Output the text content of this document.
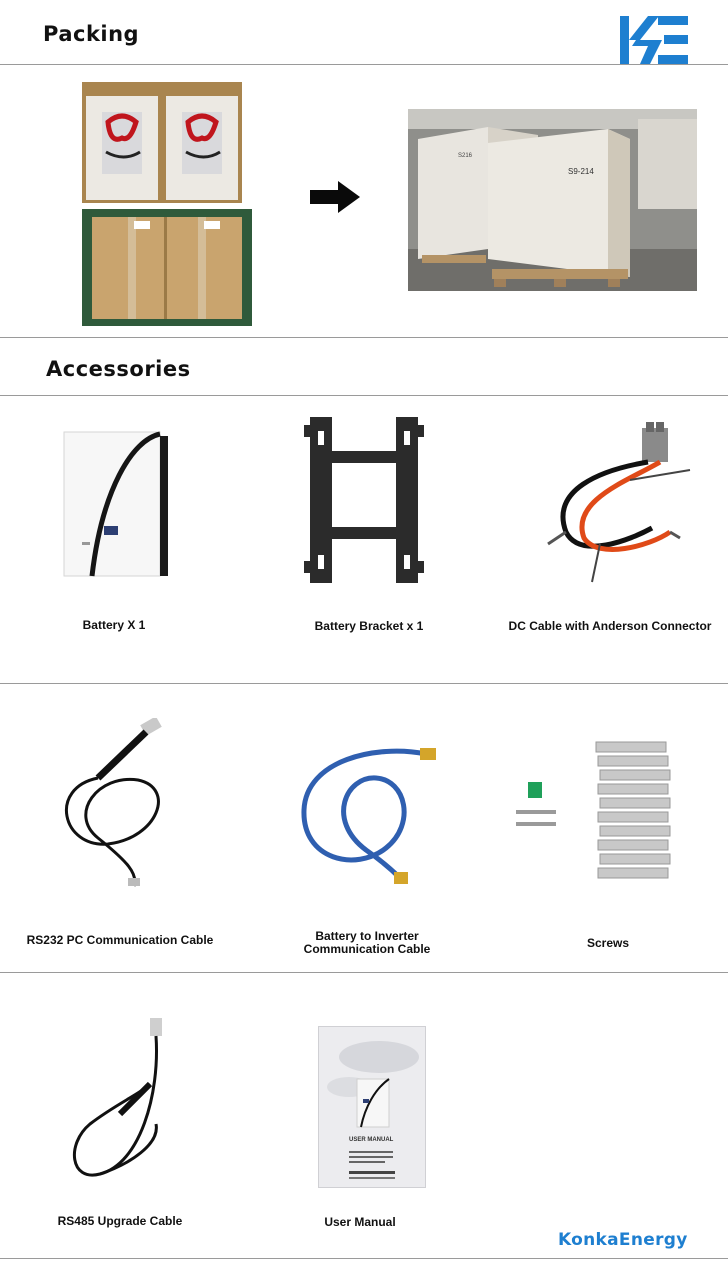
Packing
S216
S9-214
Accessories
Battery X 1	Battery Bracket x 1	DC Cable with Anderson Connector
RS232 PC Communication Cable	Battery to Inverter
Communication Cable	Screws
RS485 Upgrade Cable
USER MANUAL
User Manual
KonkaEnergy
